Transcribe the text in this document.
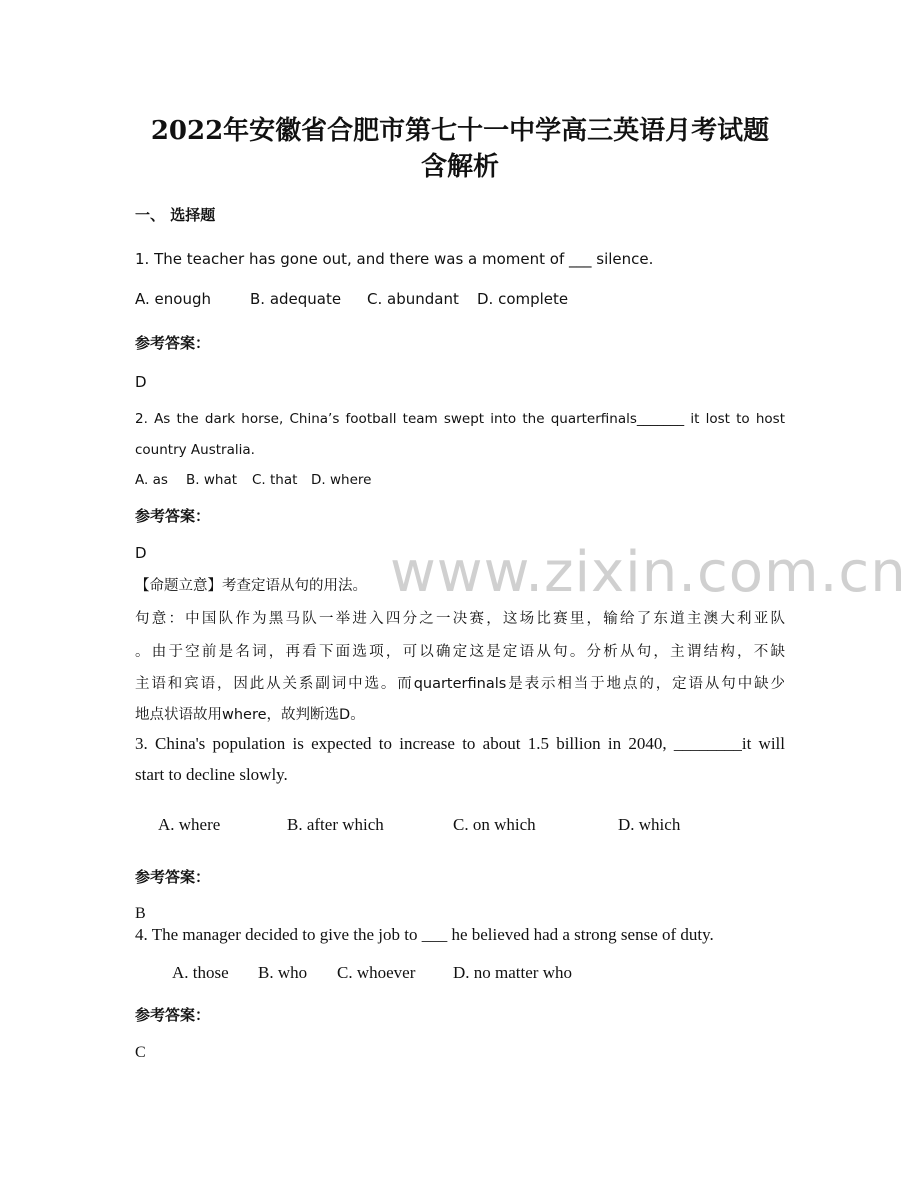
www.zixin.com.cn
2022年安徽省合肥市第七十一中学高三英语月考试题
含解析
一、 选择题
1. The teacher has gone out, and there was a moment of ___ silence.
A. enough	B. adequate C. abundant D. complete
参考答案：
D
2. As the dark horse, China’s football team swept into the quarterfinals_______ it lost to host
country Australia.
A. as B. what C. that D. where
参考答案：
D
【命题立意】考查定语从句的用法。
句意：中国队作为黑马队一举进入四分之一决赛，这场比赛里，输给了东道主澳大利亚队
。由于空前是名词，再看下面选项，可以确定这是定语从句。分析从句，主谓结构，不缺
主语和宾语，因此从关系副词中选。而quarterfinals是表示相当于地点的，定语从句中缺少
地点状语故用where，故判断选D。
3. China's population is expected to increase to about 1.5 billion in 2040, ________it will
start to decline slowly.
A. where	B. after which	C. on which	D. which
参考答案：
B
4. The manager decided to give the job to ___ he believed had a strong sense of duty.
A. those B. who C. whoever D. no matter who
参考答案：
C
